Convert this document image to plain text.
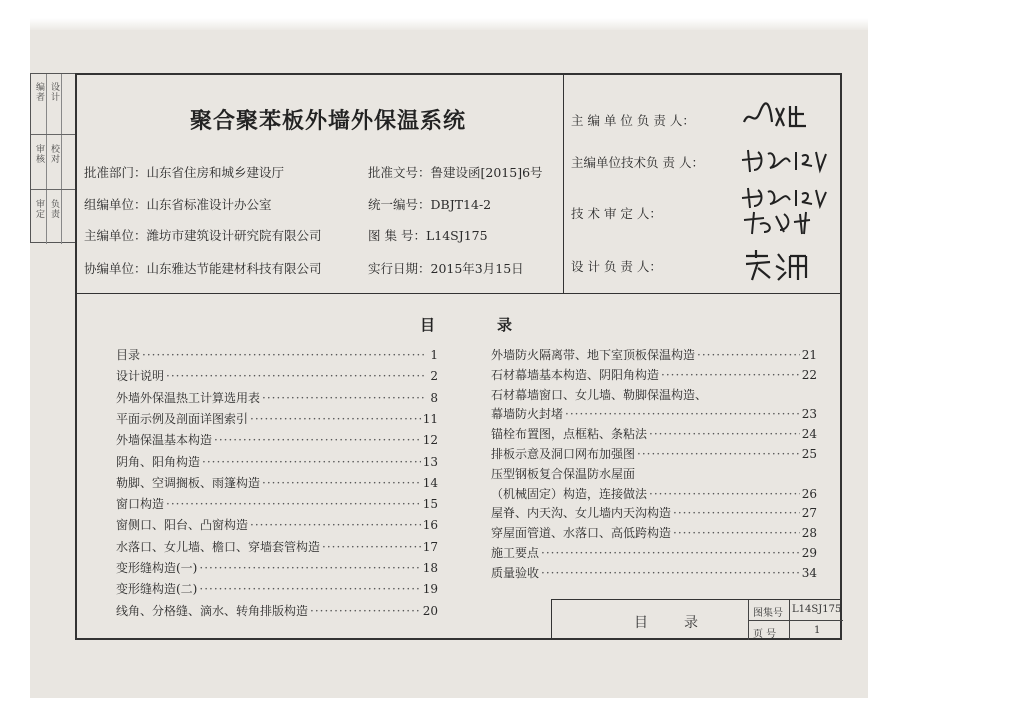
编者 设计
审核 校对
审定 负责
聚合聚苯板外墙外保温系统
批准部门：山东省住房和城乡建设厅	批准文号：鲁建设函[2015]6号
组编单位：山东省标准设计办公室	统一编号：DBJT14-2
主编单位：潍坊市建筑设计研究院有限公司	图 集 号：L14SJ175
协编单位：山东雅达节能建材科技有限公司	实行日期：2015年3月15日
主 编 单 位 负 责 人：
主编单位技术负 责 人：
技 术 审 定 人：
设 计 负 责 人：
目	录
目录 ·····	1
设计说明 ·····	2
外墙外保温热工计算选用表 ·····	8
平面示例及剖面详图索引 ·····	11
外墙保温基本构造 ·····	12
阴角、阳角构造 ·····	13
勒脚、空调搁板、雨篷构造 ·····	14
窗口构造 ·····	15
窗侧口、阳台、凸窗构造 ·····	16
水落口、女儿墙、檐口、穿墙套管构造 ·····	17
变形缝构造(一) ·····	18
变形缝构造(二) ·····	19
线角、分格缝、滴水、转角排版构造 ·····	20
外墙防火隔离带、地下室顶板保温构造 ·····	21
石材幕墙基本构造、阴阳角构造 ·····	22
石材幕墙窗口、女儿墙、勒脚保温构造、
幕墙防火封堵 ·····	23
锚栓布置图，点框粘、条粘法 ·····	24
排板示意及洞口网布加强图 ·····	25
压型钢板复合保温防水屋面
（机械固定）构造，连接做法 ·····	26
屋脊、内天沟、女儿墙内天沟构造 ·····	27
穿屋面管道、水落口、高低跨构造 ·····	28
施工要点 ·····	29
质量验收 ·····	34
目	录
图集号 L14SJ175
页 号	1
